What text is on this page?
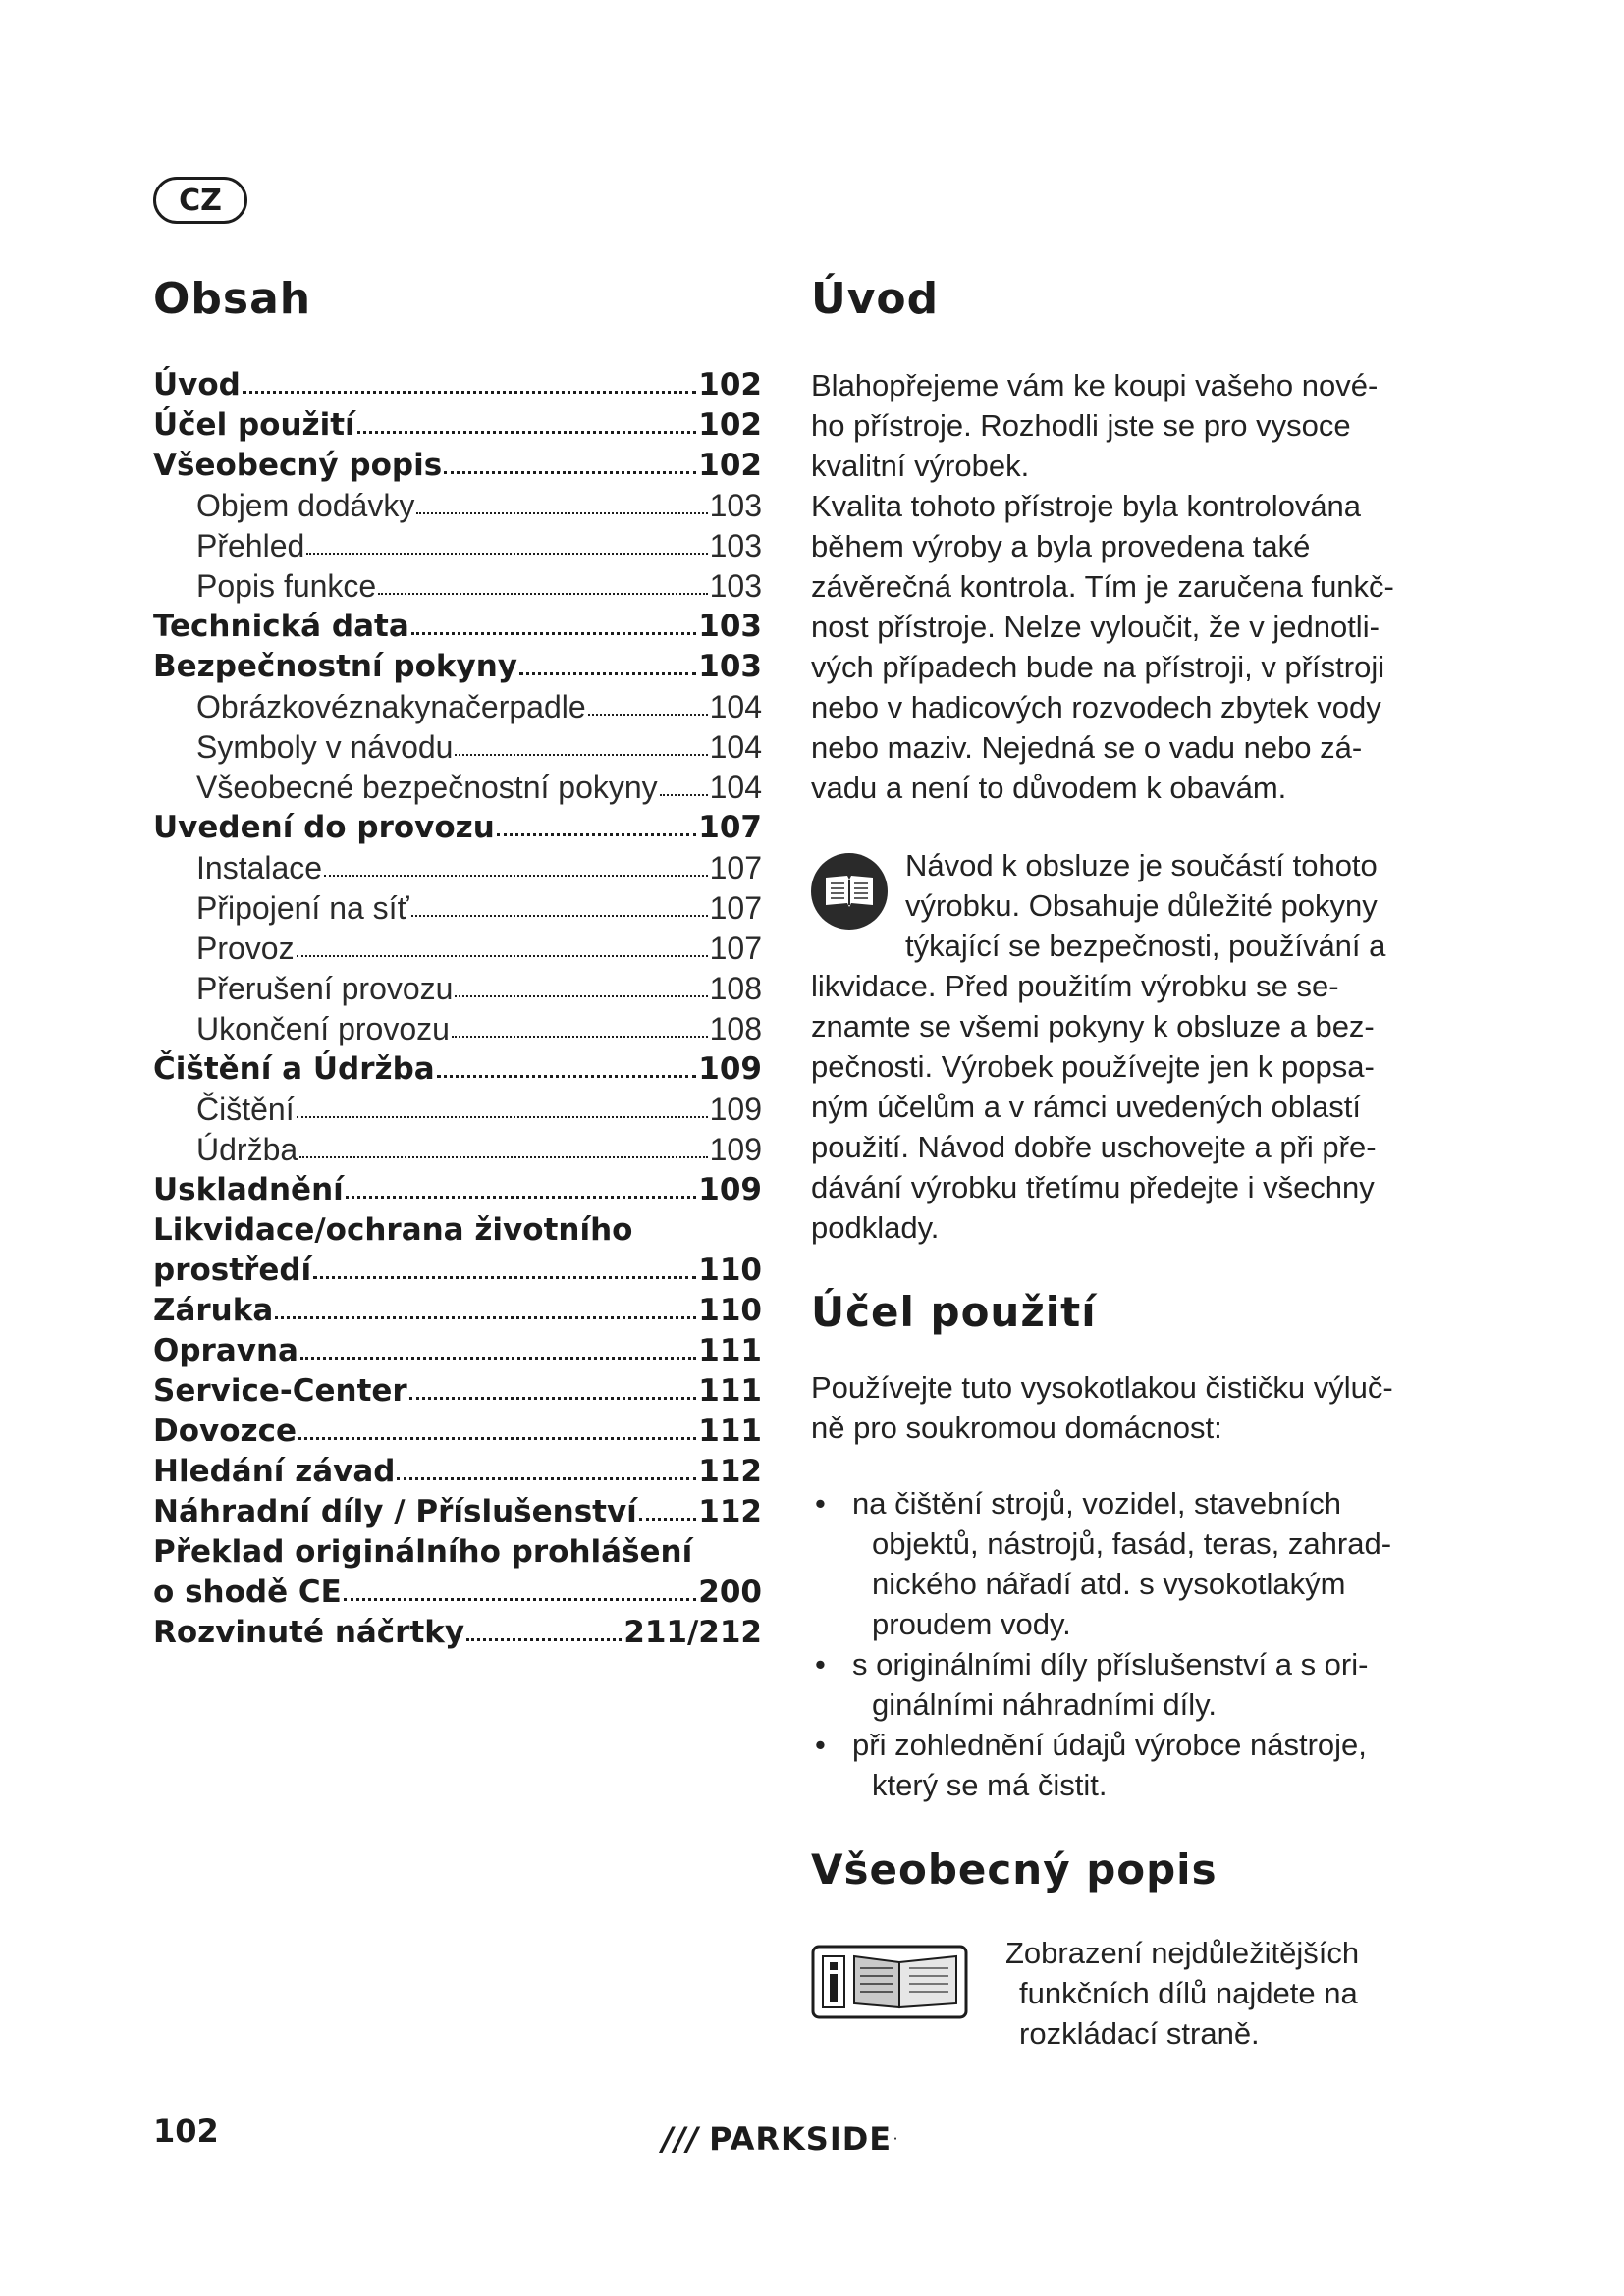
CZ
Obsah
Úvod	102
Účel použití	102
Všeobecný popis	102
Objem dodávky	103
Přehled	103
Popis funkce	103
Technická data	103
Bezpečnostní pokyny	103
Obrázkovéznakynačerpadle	104
Symboly v návodu	104
Všeobecné bezpečnostní pokyny 104
Uvedení do provozu	107
Instalace	107
Připojení na síť	107
Provoz	107
Přerušení provozu	108
Ukončení provozu	108
Čištění a Údržba	109
Čištění	109
Údržba	109
Uskladnění	109
Likvidace/ochrana životního
prostředí	110
Záruka	110
Opravna	111
Service-Center	111
Dovozce	111
Hledání závad	112
Náhradní díly / Příslušenství 112
Překlad originálního prohlášení
o shodě CE	200
Rozvinuté náčrtky	211/212
Úvod

Blahopřejeme vám ke koupi vašeho nové-
ho přístroje. Rozhodli jste se pro vysoce
kvalitní výrobek.
Kvalita tohoto přístroje byla kontrolována
během výroby a byla provedena také
závěrečná kontrola. Tím je zaručena funkč-
nost přístroje. Nelze vyloučit, že v jednotli-
vých případech bude na přístroji, v přístroji
nebo v hadicových rozvodech zbytek vody
nebo maziv. Nejedná se o vadu nebo zá-
vadu a není to důvodem k obavám.

Návod k obsluze je součástí tohoto
výrobku. Obsahuje důležité pokyny
týkající se bezpečnosti, používání a
likvidace. Před použitím výrobku se se-
znamte se všemi pokyny k obsluze a bez-
pečnosti. Výrobek používejte jen k popsa-
ným účelům a v rámci uvedených oblastí
použití. Návod dobře uschovejte a při pře-
dávání výrobku třetímu předejte i všechny
podklady.

Účel použití

Používejte tuto vysokotlakou čističku výluč-
ně pro soukromou domácnost:

• na čištění strojů, vozidel, stavebních
objektů, nástrojů, fasád, teras, zahrad-
nického nářadí atd. s vysokotlakým
proudem vody.
• s originálními díly příslušenství a s ori-
ginálními náhradními díly.
• při zohlednění údajů výrobce nástroje,
který se má čistit.
Všeobecný popis
Zobrazení nejdůležitějších
funkčních dílů najdete na
rozkládací straně.
102	/// PARKSIDE ·
